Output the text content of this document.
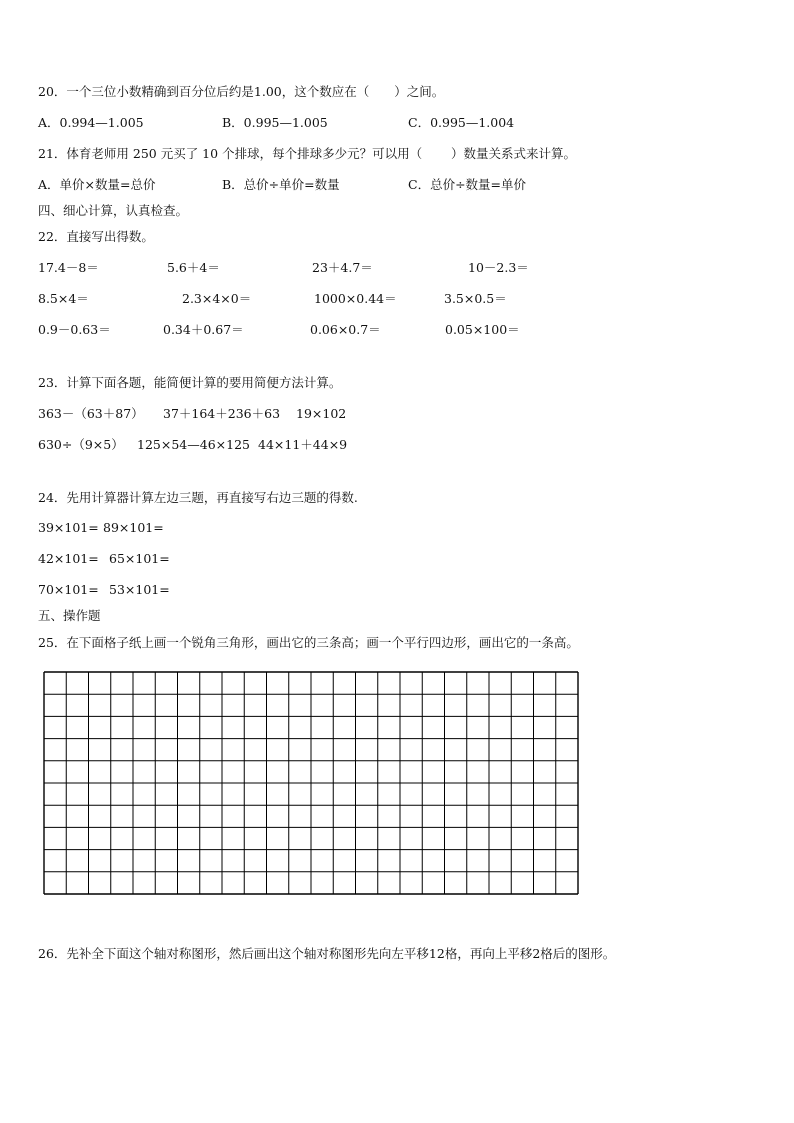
20．一个三位小数精确到百分位后约是1.00，这个数应在（　　）之间。
A．0.994—1.005	B．0.995—1.005	C．0.995—1.004
21．体育老师用 250 元买了 10 个排球，每个排球多少元？可以用（　　 ）数量关系式来计算。
A．单价×数量=总价	B．总价÷单价=数量	C．总价÷数量=单价
四、细心计算，认真检查。
22．直接写出得数。
17.4－8＝	5.6＋4＝	23＋4.7＝	10－2.3＝
8.5×4＝	2.3×4×0＝	1000×0.44＝	3.5×0.5＝
0.9－0.63＝	0.34＋0.67＝	0.06×0.7＝	0.05×100＝
23．计算下面各题，能简便计算的要用简便方法计算。
363－（63＋87） 37＋164＋236＋63 19×102
630÷（9×5） 125×54—46×125 44×11＋44×9
24．先用计算器计算左边三题，再直接写右边三题的得数.
39×101= 89×101=
42×101= 65×101=
70×101= 53×101=
五、操作题
25．在下面格子纸上画一个锐角三角形，画出它的三条高；画一个平行四边形，画出它的一条高。
26．先补全下面这个轴对称图形，然后画出这个轴对称图形先向左平移12格，再向上平移2格后的图形。
